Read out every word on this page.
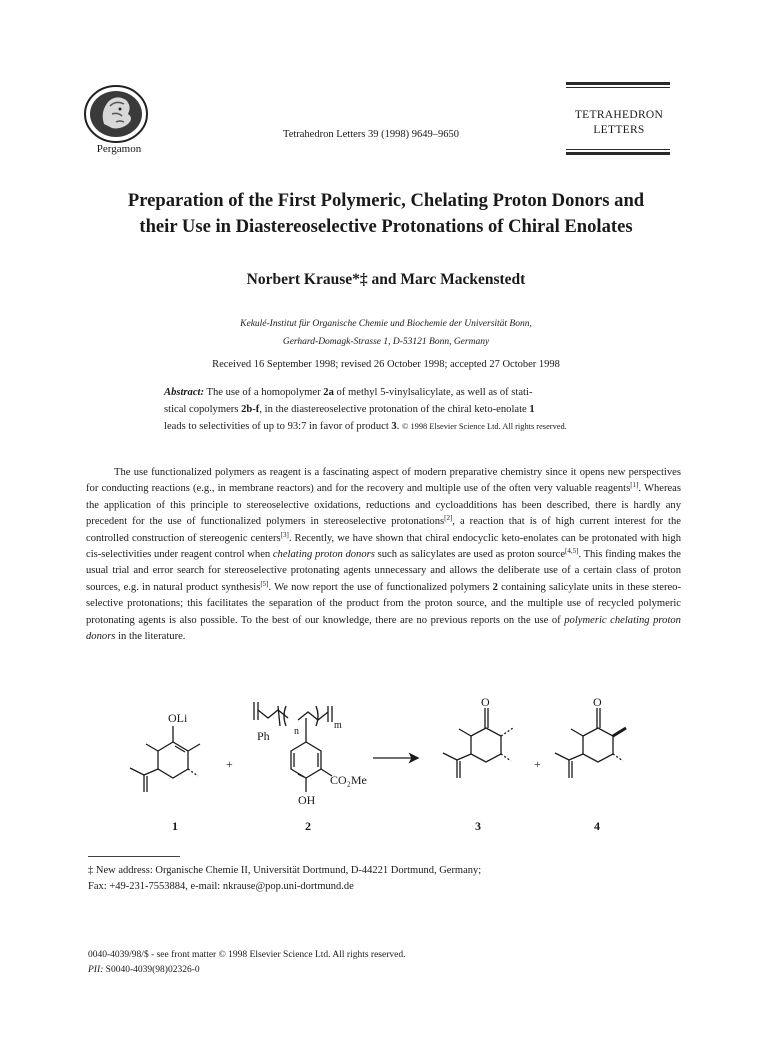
Pergamon
Tetrahedron Letters 39 (1998) 9649–9650
TETRAHEDRON
LETTERS
Preparation of the First Polymeric, Chelating Proton Donors and
their Use in Diastereoselective Protonations of Chiral Enolates
Norbert Krause*‡ and Marc Mackenstedt
Kekulé-Institut für Organische Chemie und Biochemie der Universität Bonn,
Gerhard-Domagk-Strasse 1, D-53121 Bonn, Germany
Received 16 September 1998; revised 26 October 1998; accepted 27 October 1998
Abstract: The use of a homopolymer 2a of methyl 5-vinylsalicylate, as well as of stati-
stical copolymers 2b-f, in the diastereoselective protonation of the chiral keto-enolate 1
leads to selectivities of up to 93:7 in favor of product 3. © 1998 Elsevier Science Ltd. All rights reserved.

The use functionalized polymers as reagent is a fascinating aspect of modern preparative chemistry since it opens new perspectives for conducting reactions (e.g., in membrane reactors) and for the recovery and multiple use of the often very valuable reagents[1]. Whereas the application of this principle to stereoselective oxidations, reductions and cycloadditions has been described, there is hardly any precedent for the use of functionalized polymers in stereoselective protonations[2], a reaction that is of high current interest for the controlled construction of stereogenic centers[3]. Recently, we have shown that chiral endocyclic keto-enolates can be protonated with high cis-selectivities under reagent control when chelating proton donors such as salicylates are used as proton source[4,5]. This finding makes the usual trial and error search for stereoselective protonating agents unnecessary and allows the deliberate use of a certain class of proton sources, e.g. in natural product synthesis[5]. We now report the use of functionalized polymers 2 containing salicylate units in these stereo-selective protonations; this facilitates the separation of the product from the proton source, and the multiple use of recycled polymeric protonating agents is also possible. To the best of our knowledge, there are no previous reports on the use of polymeric chelating proton donors in the literature.

OLi
+
Ph n
m
CO₂Me
OH
O
+
O
1	2	3	4
‡ New address: Organische Chemie II, Universität Dortmund, D-44221 Dortmund, Germany;
Fax: +49-231-7553884, e-mail: nkrause@pop.uni-dortmund.de
0040-4039/98/$ - see front matter © 1998 Elsevier Science Ltd. All rights reserved.
PII: S0040-4039(98)02326-0
